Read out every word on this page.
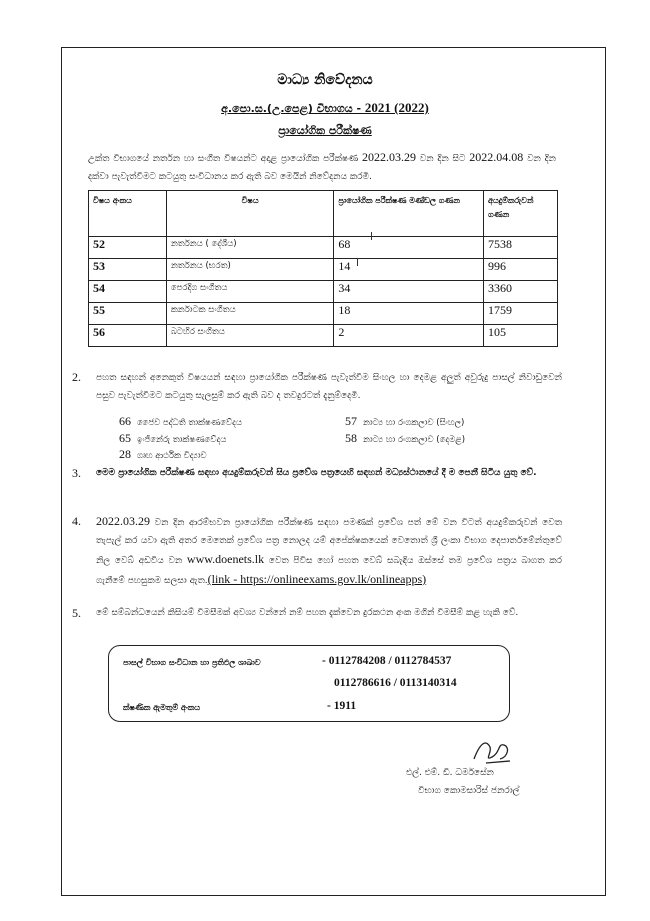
මාධ්‍ය නිවේදනය
අ.පො.ස.(උ.පෙළ) විභාගය - 2021 (2022)
ප්‍රායෝගික පරීක්ෂණ
උක්ත විභාගයේ නර්තන හා සංගීත විෂයන්ට අදාළ ප්‍රායෝගික පරීක්ෂණ 2022.03.29 වන දින සිට 2022.04.08 වන දින දක්වා පැවැත්වීමට කටයුතු සංවිධානය කර ඇති බව මෙයින් නිවේදනය කරමි.
විෂය අංකය	විෂය	ප්‍රායෝගික පරීක්ෂණ මණ්ඩල ගණන	අයදුම්කරුවන් ගණන
52	නර්තනය ( දේශීය)	68	7538
53	නර්තනය (භරත)	14	996
54	පෙරදිග සංගීතය	34	3360
55	කර්නාටක සංගීතය	18	1759
56	බටහිර සංගීතය	2	105
2. පහත සඳහන් අනෙකුත් විෂයයන් සඳහා ප්‍රායෝගික පරීක්ෂණ පැවැත්වීම සිංහල හා දෙමළ අලුත් අවුරුදු පාසල් නිවාඩුවෙන් පසුව පැවැත්වීමට කටයුතු සැලසුම් කර ඇති බව ද තවදුරටත් දැනුම්දෙමි.
66 ජෛව පද්ධති තාක්ෂණවේදය	57 නාට්‍ය හා රංගකලාව (සිංහල)
65 ඉංජිනේරු තාක්ෂණවේදය	58 නාට්‍ය හා රංගකලාව (දෙමළ)
28 ගෘහ ආර්ථික විද්‍යාව
3. මෙම ප්‍රායෝගික පරීක්ෂණ සඳහා අයදුම්කරුවන් සිය ප්‍රවේශ පත්‍රයෙහි සඳහන් මධ්‍යස්ථානයේ දී ම පෙනී සිටිය යුතු වේ.
4. 2022.03.29 වන දින ආරම්භවන ප්‍රායෝගික පරීක්ෂණ සඳහා පමණක් ප්‍රවේශ පත් මේ වන විටත් අයදුම්කරුවන් වෙත තැපැල් කර යවා ඇති අතර මෙතෙක් ප්‍රවේශ පත්‍ර නොලද යම් අපේක්ෂකයෙක් වෙතොත් ශ්‍රී ලංකා විභාග දෙපාර්තමේන්තුවේ නිල වෙබ් අඩවිය වන www.doenets.lk වෙත පිවිස හෝ පහත වෙබ් සබැඳිය ඔස්සේ තම ප්‍රවේශ පත්‍රය බාගත කර ගැනීමේ පහසුකම සලසා ඇත.(link - https://onlineexams.gov.lk/onlineapps)
5. මේ සම්බන්ධයෙන් කිසියම් විමසීමක් අවශ්‍ය වන්නේ නම් පහත දැක්වෙන දුරකථන අංක මගින් විමසීම් කළ හැකි වේ.
පාසල් විභාග සංවිධාන හා ප්‍රතිඵල ශාඛාව	- 0112784208 / 0112784537
0112786616 / 0113140314
ක්ෂණික ඇමතුම් අංකය	- 1911
එල්. එම්. ඩී. ධර්මසේන
විභාග කොමසාරිස් ජනරාල්
